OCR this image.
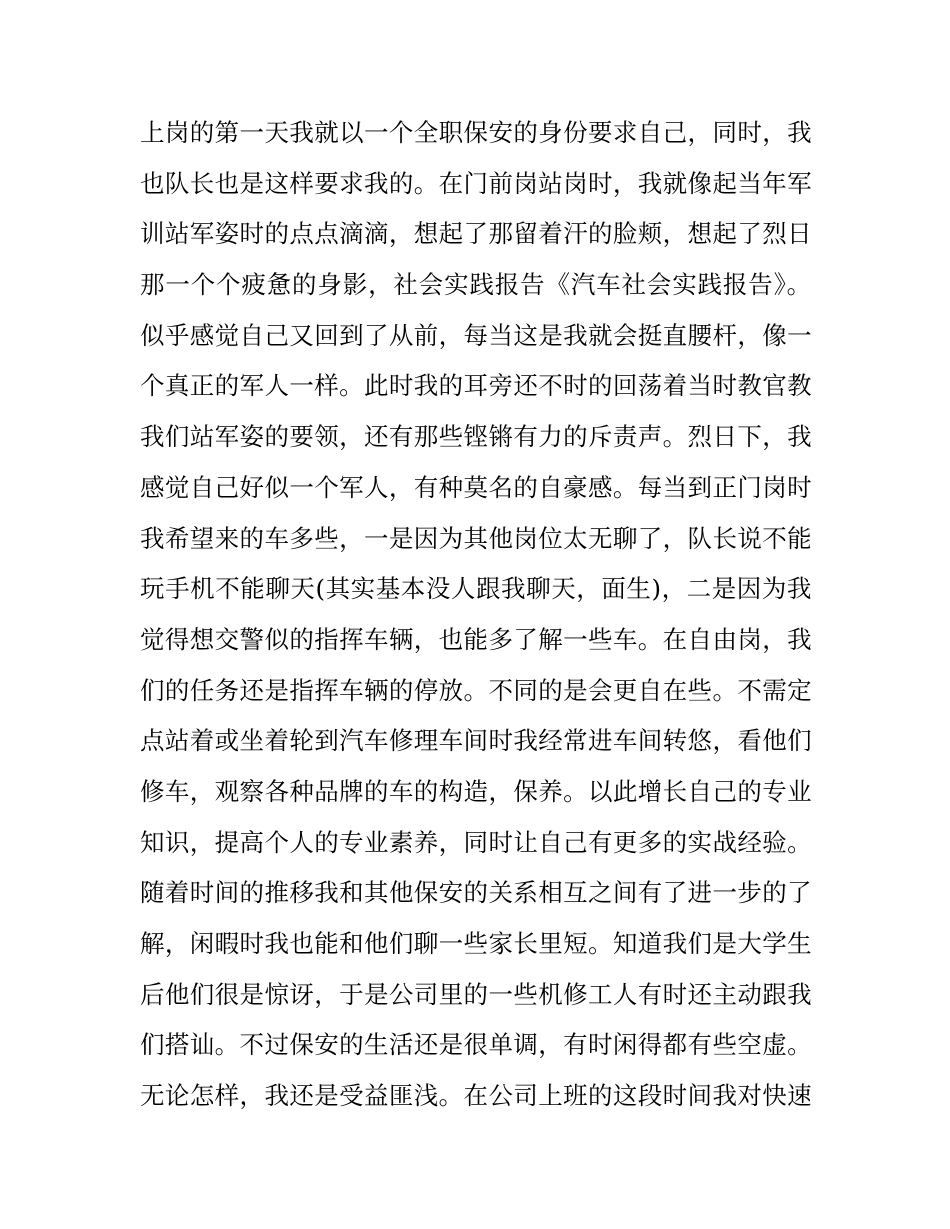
上岗的第一天我就以一个全职保安的身份要求自己，同时，我
也队长也是这样要求我的。在门前岗站岗时，我就像起当年军
训站军姿时的点点滴滴，想起了那留着汗的脸颊，想起了烈日
那一个个疲惫的身影，社会实践报告《汽车社会实践报告》。
似乎感觉自己又回到了从前，每当这是我就会挺直腰杆，像一
个真正的军人一样。此时我的耳旁还不时的回荡着当时教官教
我们站军姿的要领，还有那些铿锵有力的斥责声。烈日下，我
感觉自己好似一个军人，有种莫名的自豪感。每当到正门岗时
我希望来的车多些，一是因为其他岗位太无聊了，队长说不能
玩手机不能聊天(其实基本没人跟我聊天，面生)，二是因为我
觉得想交警似的指挥车辆，也能多了解一些车。在自由岗，我
们的任务还是指挥车辆的停放。不同的是会更自在些。不需定
点站着或坐着轮到汽车修理车间时我经常进车间转悠，看他们
修车，观察各种品牌的车的构造，保养。以此增长自己的专业
知识，提高个人的专业素养，同时让自己有更多的实战经验。
随着时间的推移我和其他保安的关系相互之间有了进一步的了
解，闲暇时我也能和他们聊一些家长里短。知道我们是大学生
后他们很是惊讶，于是公司里的一些机修工人有时还主动跟我
们搭讪。不过保安的生活还是很单调，有时闲得都有些空虚。
无论怎样，我还是受益匪浅。在公司上班的这段时间我对快速
